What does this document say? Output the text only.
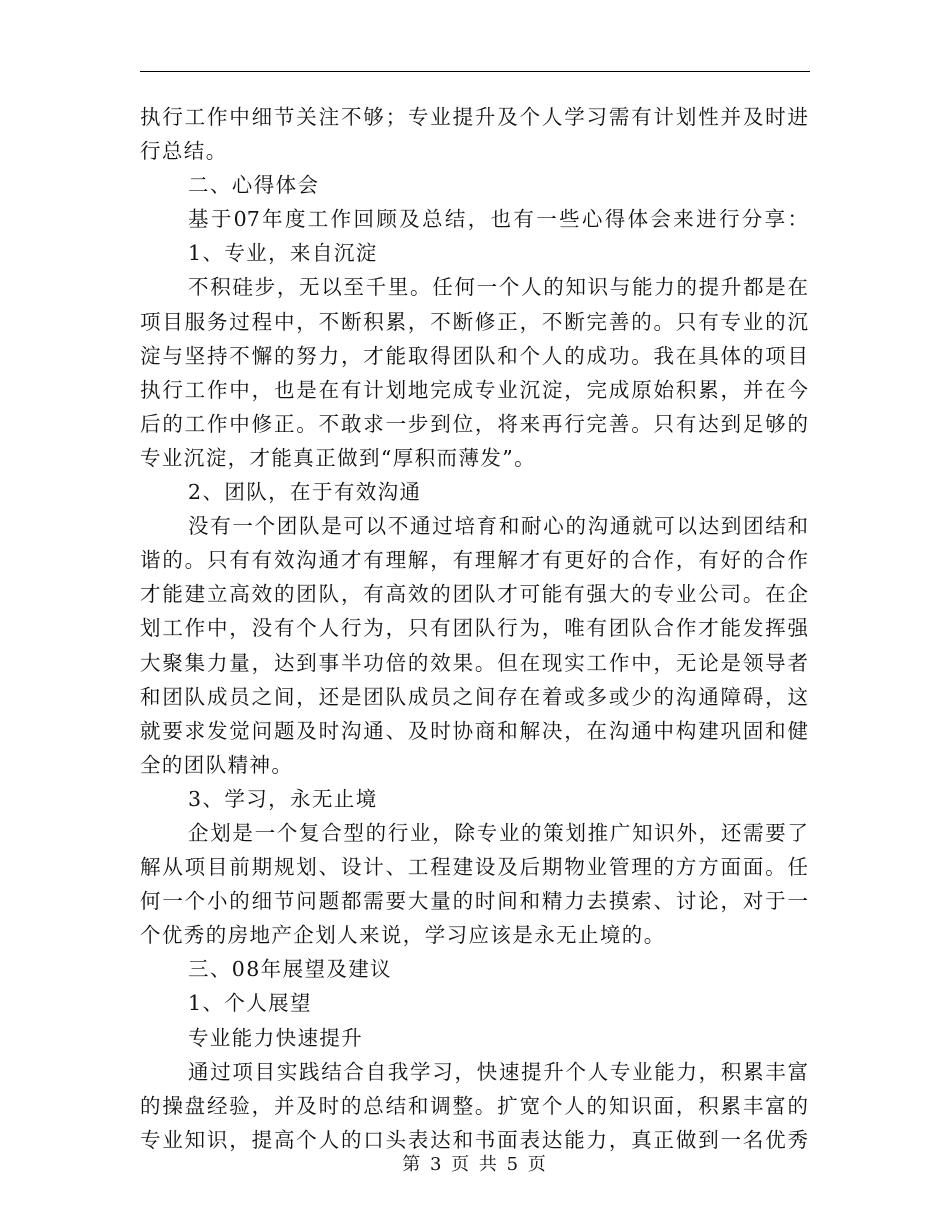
执行工作中细节关注不够；专业提升及个人学习需有计划性并及时进
行总结。
二、心得体会
基于07年度工作回顾及总结，也有一些心得体会来进行分享：
1、专业，来自沉淀
不积硅步，无以至千里。任何一个人的知识与能力的提升都是在
项目服务过程中，不断积累，不断修正，不断完善的。只有专业的沉
淀与坚持不懈的努力，才能取得团队和个人的成功。我在具体的项目
执行工作中，也是在有计划地完成专业沉淀，完成原始积累，并在今
后的工作中修正。不敢求一步到位，将来再行完善。只有达到足够的
专业沉淀，才能真正做到“厚积而薄发”。
2、团队，在于有效沟通
没有一个团队是可以不通过培育和耐心的沟通就可以达到团结和
谐的。只有有效沟通才有理解，有理解才有更好的合作，有好的合作
才能建立高效的团队，有高效的团队才可能有强大的专业公司。在企
划工作中，没有个人行为，只有团队行为，唯有团队合作才能发挥强
大聚集力量，达到事半功倍的效果。但在现实工作中，无论是领导者
和团队成员之间，还是团队成员之间存在着或多或少的沟通障碍，这
就要求发觉问题及时沟通、及时协商和解决，在沟通中构建巩固和健
全的团队精神。
3、学习，永无止境
企划是一个复合型的行业，除专业的策划推广知识外，还需要了
解从项目前期规划、设计、工程建设及后期物业管理的方方面面。任
何一个小的细节问题都需要大量的时间和精力去摸索、讨论，对于一
个优秀的房地产企划人来说，学习应该是永无止境的。
三、08年展望及建议
1、个人展望
专业能力快速提升
通过项目实践结合自我学习，快速提升个人专业能力，积累丰富
的操盘经验，并及时的总结和调整。扩宽个人的知识面，积累丰富的
专业知识，提高个人的口头表达和书面表达能力，真正做到一名优秀
第 3 页 共 5 页
